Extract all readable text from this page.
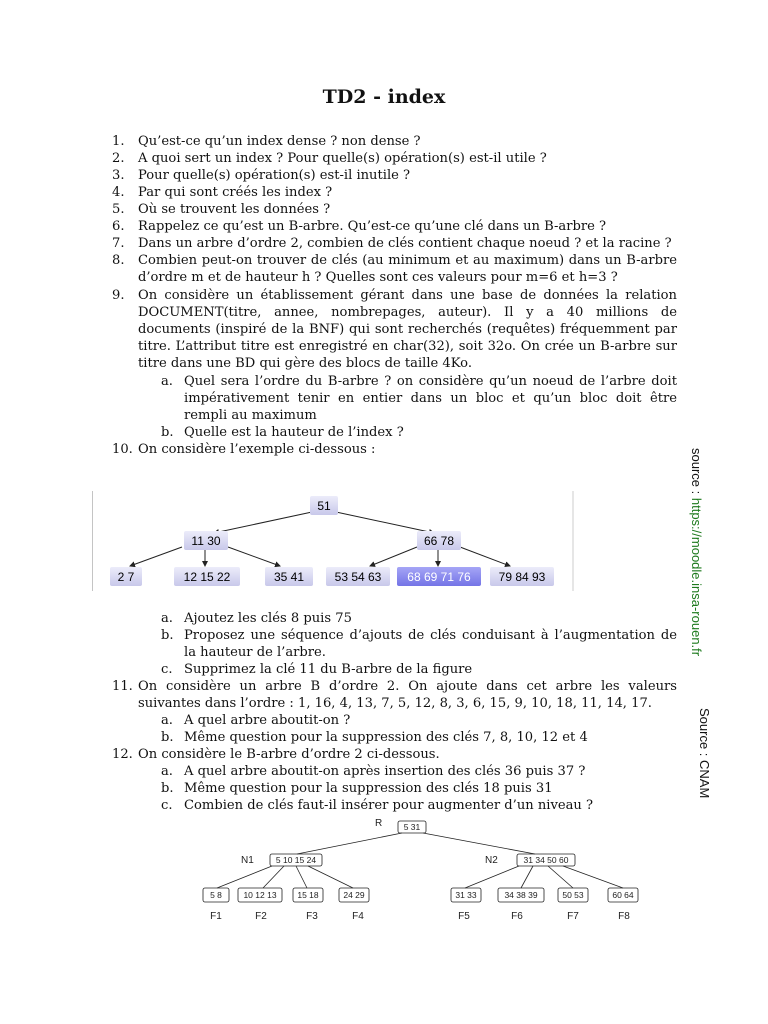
TD2 - index
1. Qu’est-ce qu’un index dense ? non dense ?
2. A quoi sert un index ? Pour quelle(s) opération(s) est-il utile ?
3. Pour quelle(s) opération(s) est-il inutile ?
4. Par qui sont créés les index ?
5. Où se trouvent les données ?
6. Rappelez ce qu’est un B-arbre. Qu’est-ce qu’une clé dans un B-arbre ?
7. Dans un arbre d’ordre 2, combien de clés contient chaque noeud ? et la racine ?
8. Combien peut-on trouver de clés (au minimum et au maximum) dans un B-arbre d’ordre m et de hauteur h ? Quelles sont ces valeurs pour m=6 et h=3 ?
9. On considère un établissement gérant dans une base de données la relation DOCUMENT(titre, annee, nombrepages, auteur). Il y a 40 millions de documents (inspiré de la BNF) qui sont recherchés (requêtes) fréquemment par titre. L’attribut titre est enregistré en char(32), soit 32o. On crée un B-arbre sur titre dans une BD qui gère des blocs de taille 4Ko.
a. Quel sera l’ordre du B-arbre ? on considère qu’un noeud de l’arbre doit impérativement tenir en entier dans un bloc et qu’un bloc doit être rempli au maximum
b. Quelle est la hauteur de l’index ?
10. On considère l’exemple ci-dessous :
51
11 30	66 78
2 7	12 15 22	35 41	53 54 63 68 69 71 76 79 84 93
a. Ajoutez les clés 8 puis 75
b. Proposez une séquence d’ajouts de clés conduisant à l’augmentation de la hauteur de l’arbre.
c. Supprimez la clé 11 du B-arbre de la figure
11. On considère un arbre B d’ordre 2. On ajoute dans cet arbre les valeurs suivantes dans l’ordre : 1, 16, 4, 13, 7, 5, 12, 8, 3, 6, 15, 9, 10, 18, 11, 14, 17.
a. A quel arbre aboutit-on ?
b. Même question pour la suppression des clés 7, 8, 10, 12 et 4
12. On considère le B-arbre d’ordre 2 ci-dessous.
a. A quel arbre aboutit-on après insertion des clés 36 puis 37 ?
b. Même question pour la suppression des clés 18 puis 31
c. Combien de clés faut-il insérer pour augmenter d’un niveau ?
R	5 31
N1	5 10 15 24	N2	31 34 50 60
5 8	10 12 13 15 18	24 29	31 33	34 38 39	50 53	60 64
F1	F2	F3	F4	F5	F6	F7	F8
source : https://moodle.insa-rouen.fr
Source : CNAM
